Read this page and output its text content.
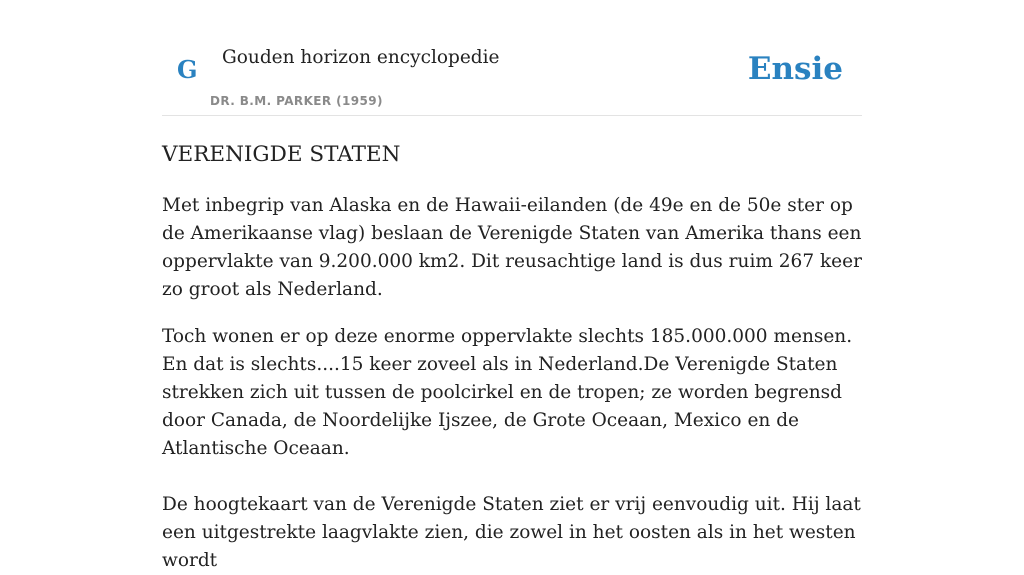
G Gouden horizon encyclopedie
DR. B.M. PARKER (1959)
Ensie
VERENIGDE STATEN

Met inbegrip van Alaska en de Hawaii-eilanden (de 49e en de 50e ster op de Amerikaanse vlag) beslaan de Verenigde Staten van Amerika thans een oppervlakte van 9.200.000 km2. Dit reusachtige land is dus ruim 267 keer zo groot als Nederland.

Toch wonen er op deze enorme oppervlakte slechts 185.000.000 mensen. En dat is slechts....15 keer zoveel als in Nederland.De Verenigde Staten strekken zich uit tussen de poolcirkel en de tropen; ze worden begrensd door Canada, de Noordelijke Ijszee, de Grote Oceaan, Mexico en de Atlantische Oceaan.

De hoogtekaart van de Verenigde Staten ziet er vrij eenvoudig uit. Hij laat een uitgestrekte laagvlakte zien, die zowel in het oosten als in het westen wordt
